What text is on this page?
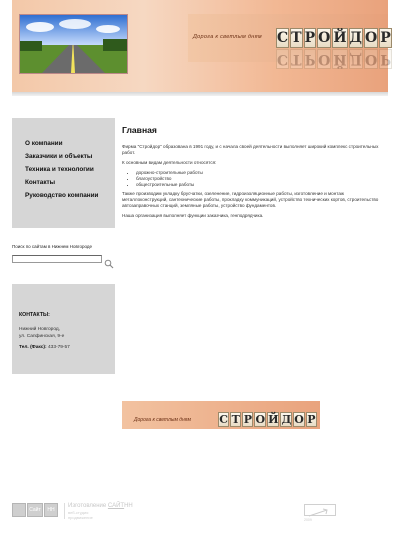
Дорога к светлым дням С Т Р О Й Д О Р
С Т Р О Й Д О Р
О компании
Заказчики и объекты
Техника и технологии
Контакты
Руководство компании
Поиск по сайтам в Нижнем Новгороде
КОНТАКТЫ:
Нижний Новгород,
ул. Сапфинская, 9-е
Тел. (Факс): 433-79-57
Главная

Фирма "Стройдор" образована в 1991 году, и с начала своей деятельности выполняет широкий комплекс строительных работ.

К основным видам деятельности относятся:

• дорожно-строительные работы
• благоустройство
• общестроительные работы

Также производим укладку брусчатки, озеленение, гидроизоляционные работы, изготовление и монтаж металлоконструкций, сантехнические работы, прокладку коммуникаций, устройство технических кортов, строительство автозаправочных станций, земляные работы, устройство фундаментов.

Наша организация выполняет функции заказчика, генподрядчика.

Дорога к светлым дням	С Т Р О Й Д О Р
Сайт	НН
Изготовление САЙТНН
веб-студия
продвижение
2009
